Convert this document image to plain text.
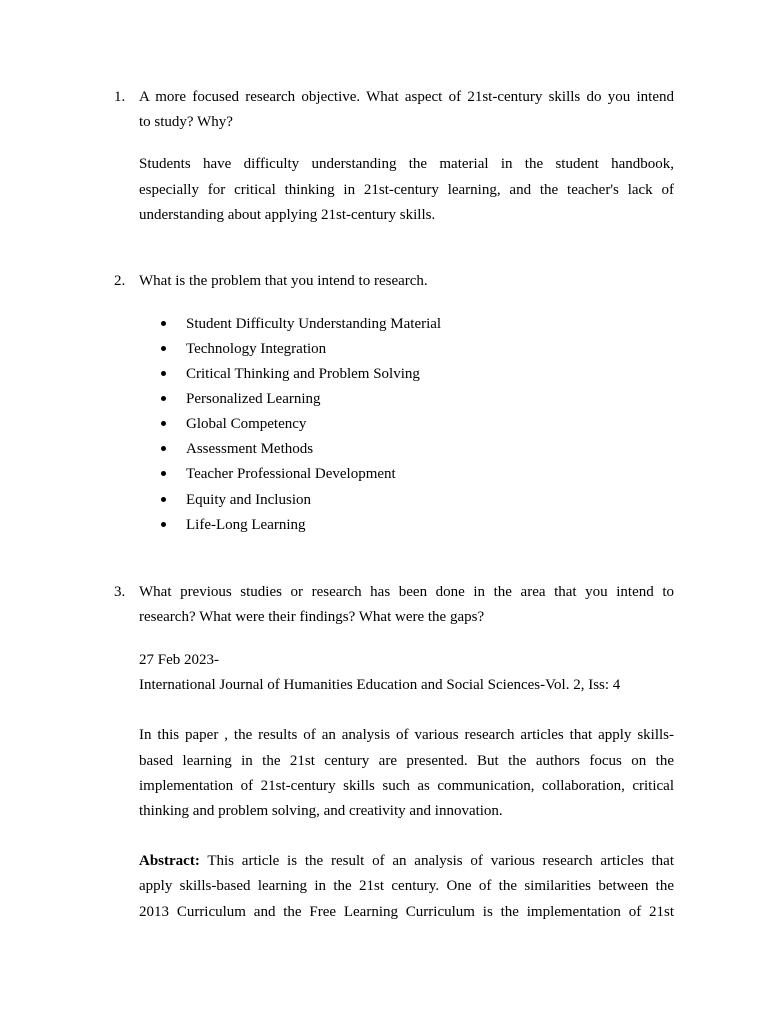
1. A more focused research objective. What aspect of 21st-century skills do you intend
to study? Why?
Students have difficulty understanding the material in the student handbook,
especially for critical thinking in 21st-century learning, and the teacher's lack of
understanding about applying 21st-century skills.
2. What is the problem that you intend to research.
Student Difficulty Understanding Material
Technology Integration
Critical Thinking and Problem Solving
Personalized Learning
Global Competency
Assessment Methods
Teacher Professional Development
Equity and Inclusion
Life-Long Learning
3. What previous studies or research has been done in the area that you intend to
research? What were their findings? What were the gaps?
27 Feb 2023-
International Journal of Humanities Education and Social Sciences-Vol. 2, Iss: 4
In this paper , the results of an analysis of various research articles that apply skills-
based learning in the 21st century are presented. But the authors focus on the
implementation of 21st-century skills such as communication, collaboration, critical
thinking and problem solving, and creativity and innovation.
Abstract: This article is the result of an analysis of various research articles that
apply skills-based learning in the 21st century. One of the similarities between the
2013 Curriculum and the Free Learning Curriculum is the implementation of 21st
